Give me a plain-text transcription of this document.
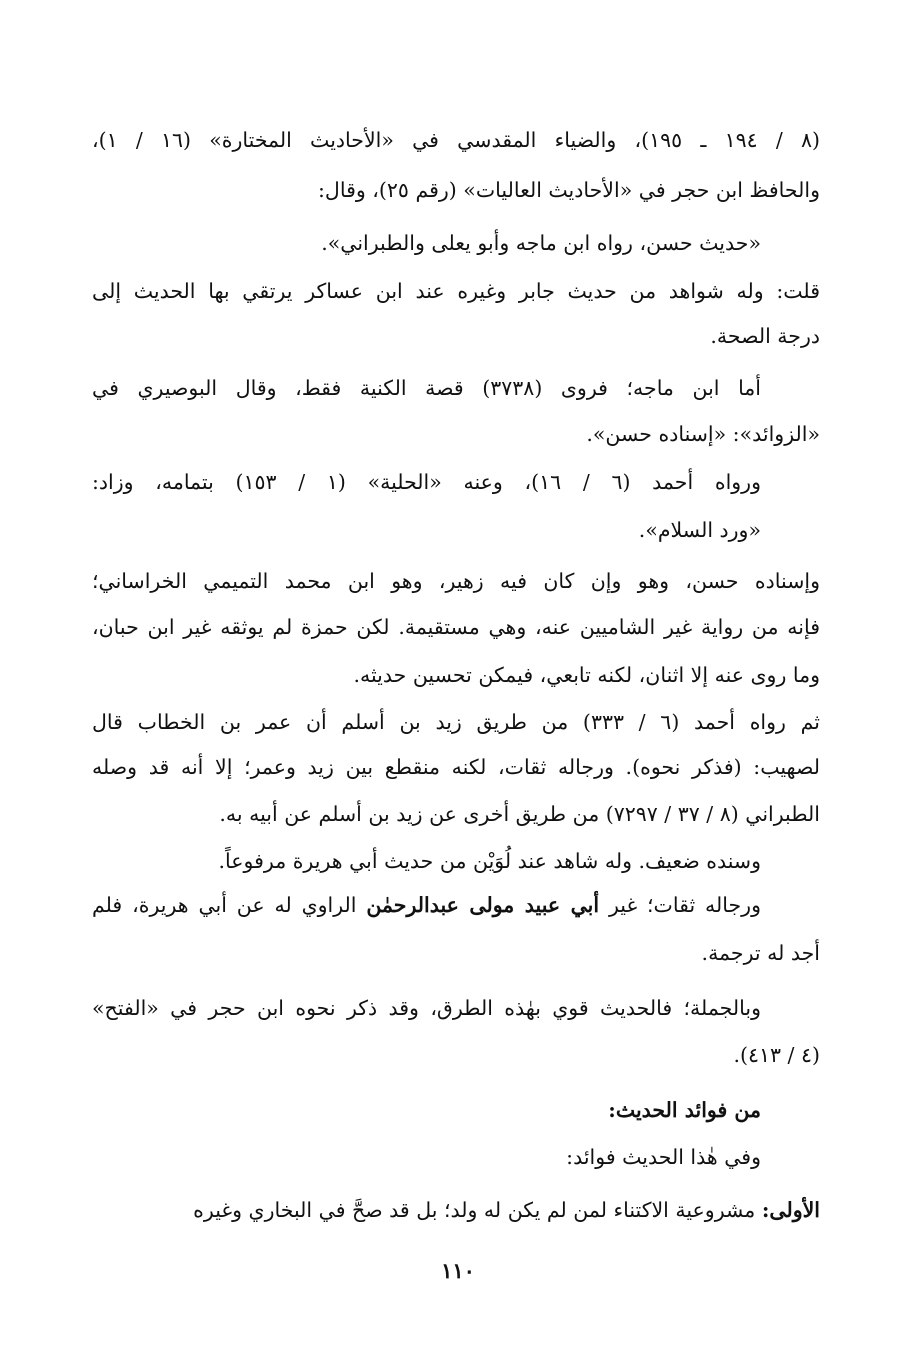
(٨ / ١٩٤ ـ ١٩٥)، والضياء المقدسي في «الأحاديث المختارة» (١٦ / ١)،
والحافظ ابن حجر في «الأحاديث العاليات» (رقم ٢٥)، وقال:
«حديث حسن، رواه ابن ماجه وأبو يعلى والطبراني».
قلت: وله شواهد من حديث جابر وغيره عند ابن عساكر يرتقي بها الحديث إلى
درجة الصحة.
أما ابن ماجه؛ فروى (٣٧٣٨) قصة الكنية فقط، وقال البوصيري في
«الزوائد»: «إسناده حسن».
ورواه أحمد (٦ / ١٦)، وعنه «الحلية» (١ / ١٥٣) بتمامه، وزاد:
«ورد السلام».
وإسناده حسن، وهو وإن كان فيه زهير، وهو ابن محمد التميمي الخراساني؛
فإنه من رواية غير الشاميين عنه، وهي مستقيمة. لكن حمزة لم يوثقه غير ابن حبان،
وما روى عنه إلا اثنان، لكنه تابعي، فيمكن تحسين حديثه.
ثم رواه أحمد (٦ / ٣٣٣) من طريق زيد بن أسلم أن عمر بن الخطاب قال
لصهيب: (فذكر نحوه). ورجاله ثقات، لكنه منقطع بين زيد وعمر؛ إلا أنه قد وصله
الطبراني (٨ / ٣٧ / ٧٢٩٧) من طريق أخرى عن زيد بن أسلم عن أبيه به.
وسنده ضعيف. وله شاهد عند لُوَيْن من حديث أبي هريرة مرفوعاً.
ورجاله ثقات؛ غير أبي عبيد مولى عبدالرحمٰن الراوي له عن أبي هريرة، فلم
أجد له ترجمة.
وبالجملة؛ فالحديث قوي بهٰذه الطرق، وقد ذكر نحوه ابن حجر في «الفتح»
(٤ / ٤١٣).
من فوائد الحديث:
وفي هٰذا الحديث فوائد:
الأولى: مشروعية الاكتناء لمن لم يكن له ولد؛ بل قد صحَّ في البخاري وغيره
١١٠
